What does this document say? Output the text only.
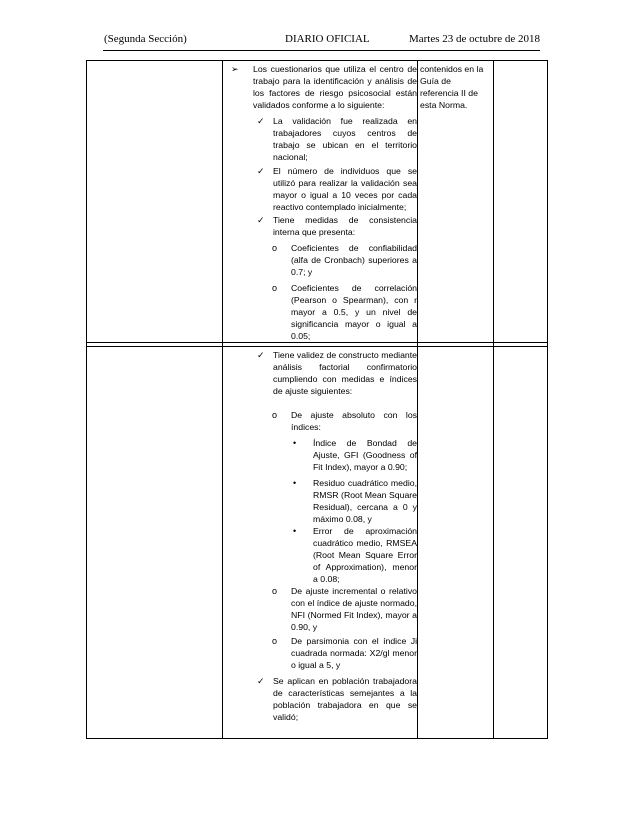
(Segunda Sección)	DIARIO OFICIAL	Martes 23 de octubre de 2018
➢ Los cuestionarios que utiliza el centro de trabajo para la identificación y análisis de los factores de riesgo psicosocial están validados conforme a lo siguiente:

✓ La validación fue realizada en trabajadores cuyos centros de trabajo se ubican en el territorio nacional;

✓ El número de individuos que se utilizó para realizar la validación sea mayor o igual a 10 veces por cada reactivo contemplado inicialmente;

✓ Tiene medidas de consistencia interna que presenta:

o Coeficientes de confiabilidad (alfa de Cronbach) superiores a 0.7; y

o Coeficientes de correlación (Pearson o Spearman), con r mayor a 0.5, y un nivel de significancia mayor o igual a 0.05;

contenidos en la Guía de referencia II de esta Norma.

✓ Tiene validez de constructo mediante análisis factorial confirmatorio cumpliendo con medidas e índices de ajuste siguientes:

o De ajuste absoluto con los índices:

• Índice de Bondad de Ajuste, GFI (Goodness of Fit Index), mayor a 0.90;

• Residuo cuadrático medio, RMSR (Root Mean Square Residual), cercana a 0 y máximo 0.08, y

• Error de aproximación cuadrático medio, RMSEA (Root Mean Square Error of Approximation), menor a 0.08;

o De ajuste incremental o relativo con el índice de ajuste normado, NFI (Normed Fit Index), mayor a 0.90, y

o De parsimonia con el índice Ji cuadrada normada: X2/gl menor o igual a 5, y

✓ Se aplican en población trabajadora de características semejantes a la población trabajadora en que se validó;
